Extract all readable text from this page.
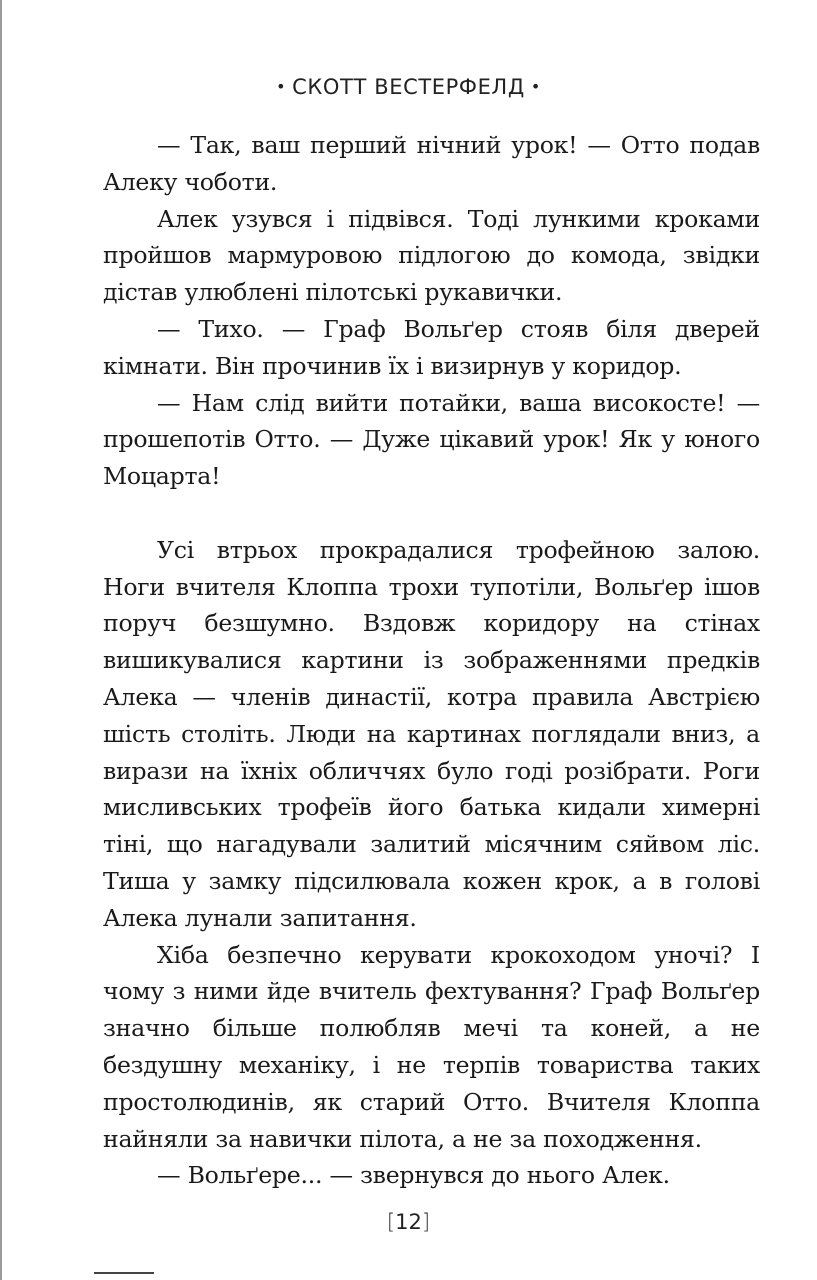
• СКОТТ ВЕСТЕРФЕЛД •

— Так, ваш перший нічний урок! — Отто подав Алеку чоботи.

Алек узувся і підвівся. Тоді лункими кроками пройшов мармуровою підлогою до комода, звідки дістав улюблені пілотські рукавички.

— Тихо. — Граф Вольґер стояв біля дверей кімнати. Він прочинив їх і визирнув у коридор.

— Нам слід вийти потайки, ваша високосте! — прошепотів Отто. — Дуже цікавий урок! Як у юного Моцарта!

Усі втрьох прокрадалися трофейною залою. Ноги вчителя Клоппа трохи тупотіли, Вольґер ішов поруч безшумно. Вздовж коридору на стінах вишикувалися картини із зображеннями предків Алека — членів династії, котра правила Австрією шість століть. Люди на картинах поглядали вниз, а вирази на їхніх обличчях було годі розібрати. Роги мисливських трофеїв його батька кидали химерні тіні, що нагадували залитий місячним сяйвом ліс. Тиша у замку підсилювала кожен крок, а в голові Алека лунали запитання.

Хіба безпечно керувати крокоходом уночі? І чому з ними йде вчитель фехтування? Граф Вольґер значно більше полюбляв мечі та коней, а не бездушну механіку, і не терпів товариства таких простолюдинів, як старий Отто. Вчителя Клоппа найняли за навички пілота, а не за походження.

— Вольґере... — звернувся до нього Алек.

[12]
